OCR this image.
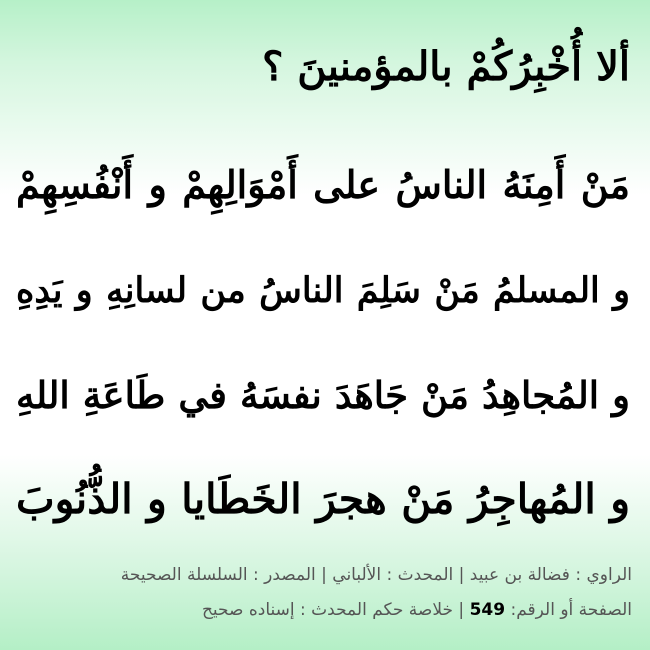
ألا أُخْبِرُكُمْ بالمؤمنينَ ؟
مَنْ أَمِنَهُ الناسُ على أَمْوَالِهِمْ و أَنْفُسِهِمْ
و المسلمُ مَنْ سَلِمَ الناسُ من لسانِهِ و يَدِهِ
و المُجاهِدُ مَنْ جَاهَدَ نفسَهُ في طَاعَةِ اللهِ
و المُهاجِرُ مَنْ هجرَ الخَطَايا و الذُّنُوبَ
الراوي : فضالة بن عبيد | المحدث : الألباني | المصدر : السلسلة الصحيحة
الصفحة أو الرقم: 549 | خلاصة حكم المحدث : إسناده صحيح
